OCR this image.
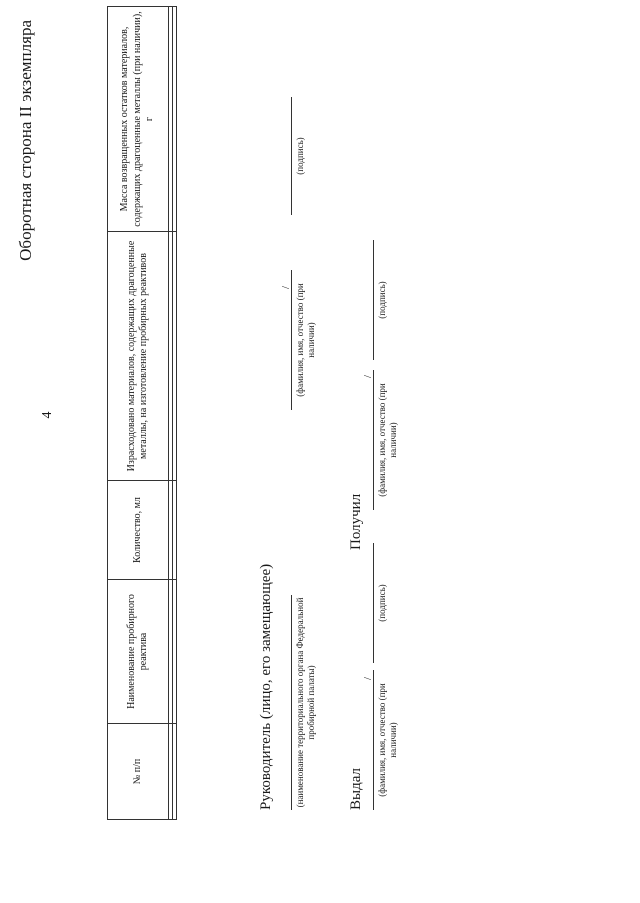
4
Оборотная сторона II экземпляра
№ п/п	Наименование пробирного реактива	Количество, мл	Израсходовано материалов, содержащих драгоценные металлы, на изготовление пробирных реактивов	Масса возвращенных остатков материалов, содержащих драгоценные металлы (при наличии), г

Руководитель (лицо, его замещающее) (наименование территориального органа Федеральной пробирной палаты)
/ (фамилия, имя, отчество (при наличии)
(подпись)
Выдал
/
(фамилия, имя, отчество (при наличии)
(подпись)
Получил
/
(фамилия, имя, отчество (при наличии)
(подпись)
